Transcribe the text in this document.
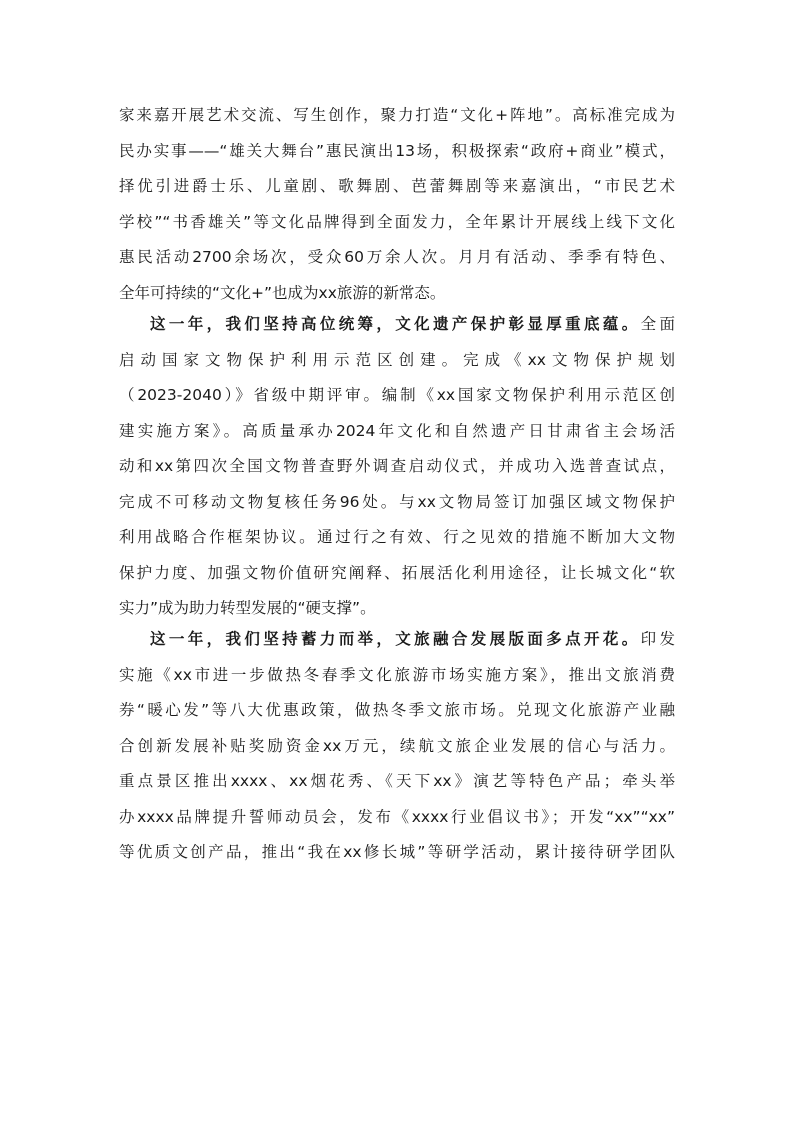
家来嘉开展艺术交流、写生创作，聚力打造“文化+阵地”。高标准完成为
民办实事——“雄关大舞台”惠民演出13场，积极探索“政府+商业”模式，
择优引进爵士乐、儿童剧、歌舞剧、芭蕾舞剧等来嘉演出，“市民艺术
学校”“书香雄关”等文化品牌得到全面发力，全年累计开展线上线下文化
惠民活动2700余场次，受众60万余人次。月月有活动、季季有特色、
全年可持续的“文化+”也成为xx旅游的新常态。
这一年，我们坚持高位统筹，文化遗产保护彰显厚重底蕴。全面
启动国家文物保护利用示范区创建。完成《xx文物保护规划
（2023-2040）》省级中期评审。编制《xx国家文物保护利用示范区创
建实施方案》。高质量承办2024年文化和自然遗产日甘肃省主会场活
动和xx第四次全国文物普查野外调查启动仪式，并成功入选普查试点，
完成不可移动文物复核任务96处。与xx文物局签订加强区域文物保护
利用战略合作框架协议。通过行之有效、行之见效的措施不断加大文物
保护力度、加强文物价值研究阐释、拓展活化利用途径，让长城文化“软
实力”成为助力转型发展的“硬支撑”。
这一年，我们坚持蓄力而举，文旅融合发展版面多点开花。印发
实施《xx市进一步做热冬春季文化旅游市场实施方案》，推出文旅消费
券“暖心发”等八大优惠政策，做热冬季文旅市场。兑现文化旅游产业融
合创新发展补贴奖励资金xx万元，续航文旅企业发展的信心与活力。
重点景区推出xxxx、xx烟花秀、《天下xx》演艺等特色产品；牵头举
办xxxx品牌提升誓师动员会，发布《xxxx行业倡议书》；开发“xx”“xx”
等优质文创产品，推出“我在xx修长城”等研学活动，累计接待研学团队
